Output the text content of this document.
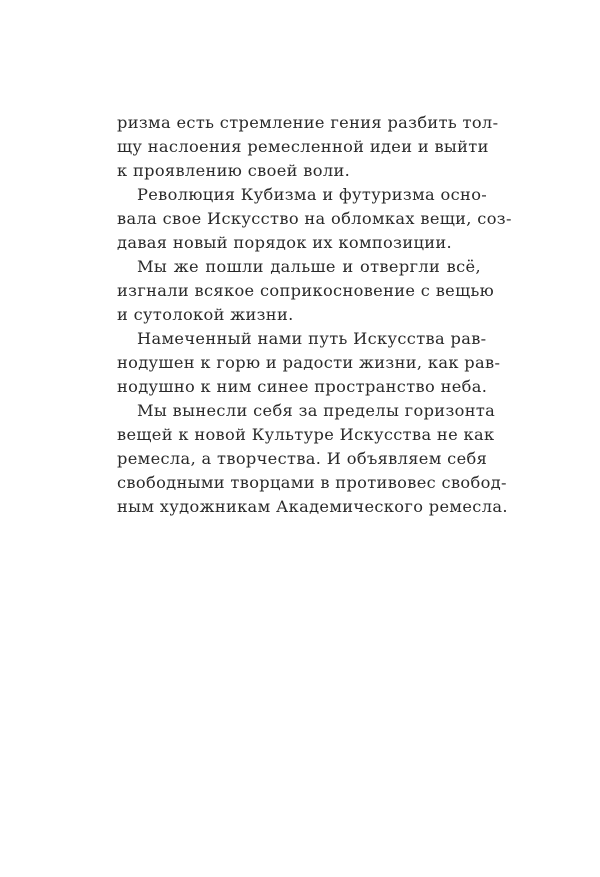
ризма есть стремление гения разбить тол-
щу наслоения ремесленной идеи и выйти
к проявлению своей воли.
Революция Кубизма и футуризма осно-
вала свое Искусство на обломках вещи, соз-
давая новый порядок их композиции.
Мы же пошли дальше и отвергли всё,
изгнали всякое соприкосновение с вещью
и сутолокой жизни.
Намеченный нами путь Искусства рав-
нодушен к горю и радости жизни, как рав-
нодушно к ним синее пространство неба.
Мы вынесли себя за пределы горизонта
вещей к новой Культуре Искусства не как
ремесла, а творчества. И объявляем себя
свободными творцами в противовес свобод-
ным художникам Академического ремесла.
